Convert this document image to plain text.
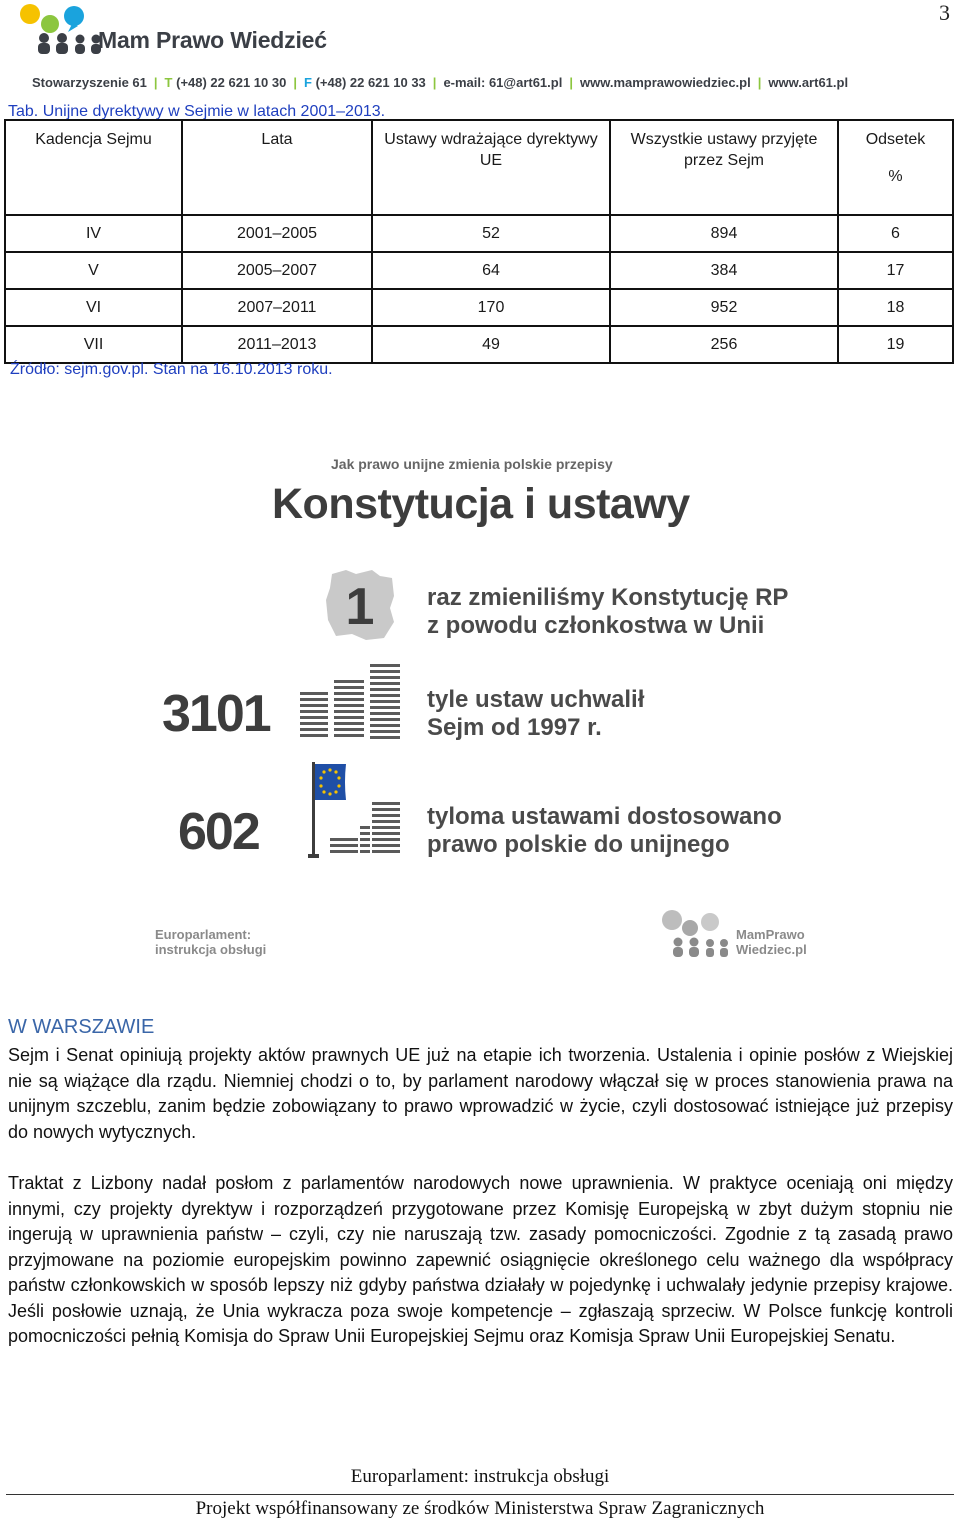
3
Mam Prawo Wiedzieć
Stowarzyszenie 61 | T (+48) 22 621 10 30 | F (+48) 22 621 10 33 | e-mail: 61@art61.pl | www.mamprawowiedziec.pl | www.art61.pl
Tab. Unijne dyrektywy w Sejmie w latach 2001–2013.
Kadencja Sejmu	Lata	Ustawy wdrażające dyrektywy UE	Wszystkie ustawy przyjęte przez Sejm	Odsetek
%

IV	2001–2005	52	894	6
V	2005–2007	64	384	17
VI	2007–2011	170	952	18
VII	2011–2013	49	256	19
Źródło: sejm.gov.pl. Stan na 16.10.2013 roku.
Jak prawo unijne zmienia polskie przepisy
Konstytucja i ustawy
1 raz zmieniliśmy Konstytucję RP
z powodu członkostwa w Unii
3101	tyle ustaw uchwalił
Sejm od 1997 r.
602	tyloma ustawami dostosowano
prawo polskie do unijnego
Europarlament:
instrukcja obsługi
MamPrawo
Wiedziec.pl
W WARSZAWIE
Sejm i Senat opiniują projekty aktów prawnych UE już na etapie ich tworzenia. Ustalenia i opinie posłów z Wiejskiej nie są wiążące dla rządu. Niemniej chodzi o to, by parlament narodowy włączał się w proces stanowienia prawa na unijnym szczeblu, zanim będzie zobowiązany to prawo wprowadzić w życie, czyli dostosować istniejące już przepisy do nowych wytycznych.
Traktat z Lizbony nadał posłom z parlamentów narodowych nowe uprawnienia. W praktyce oceniają oni między innymi, czy projekty dyrektyw i rozporządzeń przygotowane przez Komisję Europejską w zbyt dużym stopniu nie ingerują w uprawnienia państw – czyli, czy nie naruszają tzw. zasady pomocniczości. Zgodnie z tą zasadą prawo przyjmowane na poziomie europejskim powinno zapewnić osiągnięcie określonego celu ważnego dla współpracy państw członkowskich w sposób lepszy niż gdyby państwa działały w pojedynkę i uchwalały jedynie przepisy krajowe. Jeśli posłowie uznają, że Unia wykracza poza swoje kompetencje – zgłaszają sprzeciw. W Polsce funkcję kontroli pomocniczości pełnią Komisja do Spraw Unii Europejskiej Sejmu oraz Komisja Spraw Unii Europejskiej Senatu.
Europarlament: instrukcja obsługi
Projekt współfinansowany ze środków Ministerstwa Spraw Zagranicznych
